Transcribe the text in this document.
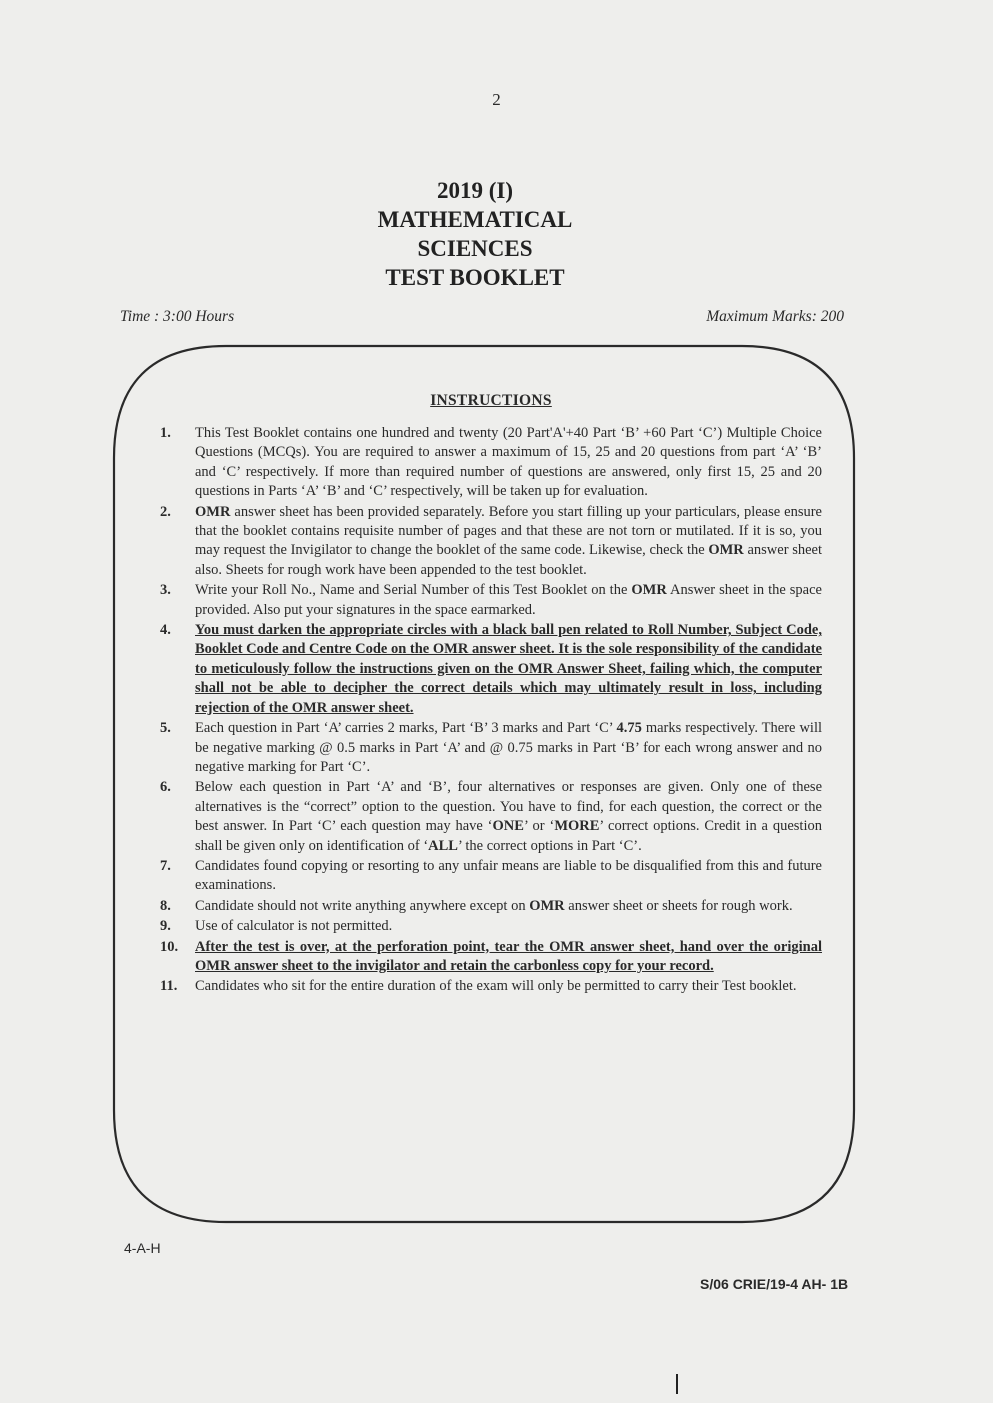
2

2019 (I)

MATHEMATICAL

SCIENCES

TEST BOOKLET

Time : 3:00 Hours	Maximum Marks: 200

INSTRUCTIONS

1. This Test Booklet contains one hundred and twenty (20 Part'A'+40 Part ‘B’ +60 Part ‘C’) Multiple Choice Questions (MCQs). You are required to answer a maximum of 15, 25 and 20 questions from part ‘A’ ‘B’ and ‘C’ respectively. If more than required number of questions are answered, only first 15, 25 and 20 questions in Parts ‘A’ ‘B’ and ‘C’ respectively, will be taken up for evaluation.
2. OMR answer sheet has been provided separately. Before you start filling up your particulars, please ensure that the booklet contains requisite number of pages and that these are not torn or mutilated. If it is so, you may request the Invigilator to change the booklet of the same code. Likewise, check the OMR answer sheet also. Sheets for rough work have been appended to the test booklet.
3. Write your Roll No., Name and Serial Number of this Test Booklet on the OMR Answer sheet in the space provided. Also put your signatures in the space earmarked.
4. You must darken the appropriate circles with a black ball pen related to Roll Number, Subject Code, Booklet Code and Centre Code on the OMR answer sheet. It is the sole responsibility of the candidate to meticulously follow the instructions given on the OMR Answer Sheet, failing which, the computer shall not be able to decipher the correct details which may ultimately result in loss, including rejection of the OMR answer sheet.
5. Each question in Part ‘A’ carries 2 marks, Part ‘B’ 3 marks and Part ‘C’ 4.75 marks respectively. There will be negative marking @ 0.5 marks in Part ‘A’ and @ 0.75 marks in Part ‘B’ for each wrong answer and no negative marking for Part ‘C’.
6. Below each question in Part ‘A’ and ‘B’, four alternatives or responses are given. Only one of these alternatives is the “correct” option to the question. You have to find, for each question, the correct or the best answer. In Part ‘C’ each question may have ‘ONE’ or ‘MORE’ correct options. Credit in a question shall be given only on identification of ‘ALL’ the correct options in Part ‘C’.
7. Candidates found copying or resorting to any unfair means are liable to be disqualified from this and future examinations.
8. Candidate should not write anything anywhere except on OMR answer sheet or sheets for rough work.
9. Use of calculator is not permitted.
10. After the test is over, at the perforation point, tear the OMR answer sheet, hand over the original OMR answer sheet to the invigilator and retain the carbonless copy for your record.
11. Candidates who sit for the entire duration of the exam will only be permitted to carry their Test booklet.
4-A-H
S/06 CRIE/19-4 AH- 1B
